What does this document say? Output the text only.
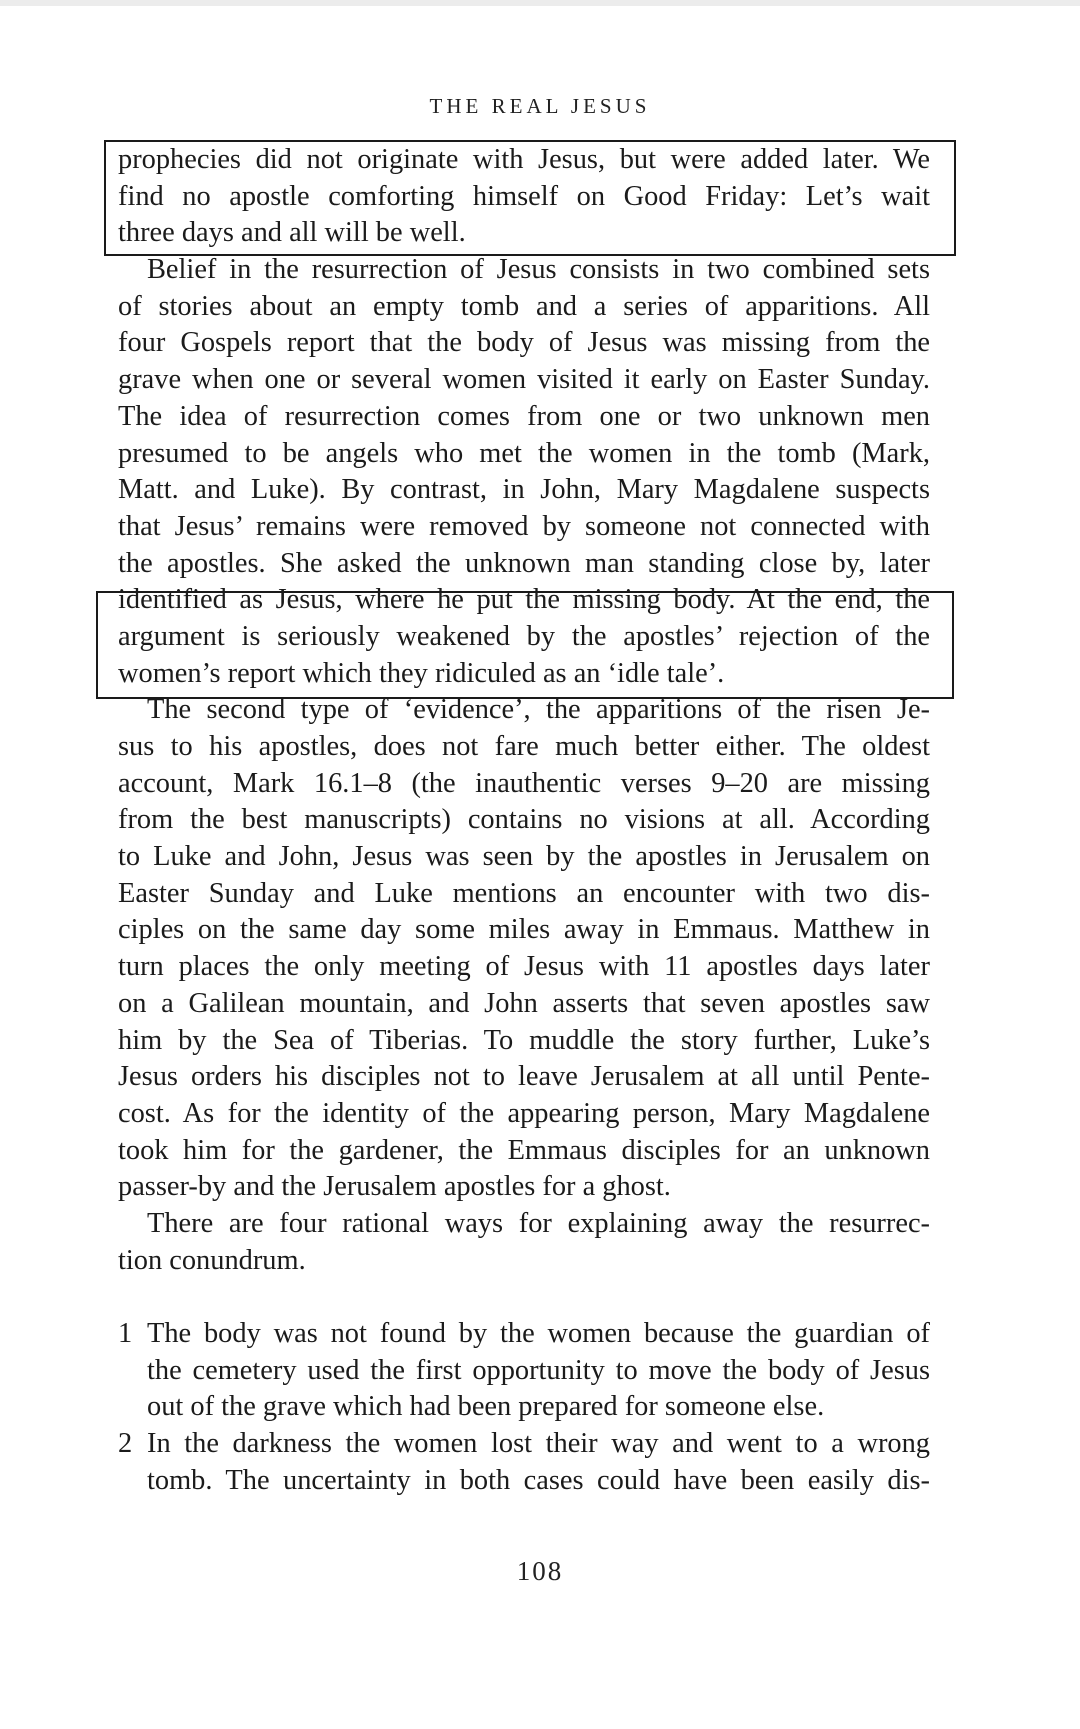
THE REAL JESUS
prophecies did not originate with Jesus, but were added later. We
find no apostle comforting himself on Good Friday: Let’s wait
three days and all will be well.
Belief in the resurrection of Jesus consists in two combined sets
of stories about an empty tomb and a series of apparitions. All
four Gospels report that the body of Jesus was missing from the
grave when one or several women visited it early on Easter Sunday.
The idea of resurrection comes from one or two unknown men
presumed to be angels who met the women in the tomb (Mark,
Matt. and Luke). By contrast, in John, Mary Magdalene suspects
that Jesus’ remains were removed by someone not connected with
the apostles. She asked the unknown man standing close by, later
identified as Jesus, where he put the missing body. At the end, the
argument is seriously weakened by the apostles’ rejection of the
women’s report which they ridiculed as an ‘idle tale’.
The second type of ‘evidence’, the apparitions of the risen Je-
sus to his apostles, does not fare much better either. The oldest
account, Mark 16.1–8 (the inauthentic verses 9–20 are missing
from the best manuscripts) contains no visions at all. According
to Luke and John, Jesus was seen by the apostles in Jerusalem on
Easter Sunday and Luke mentions an encounter with two dis-
ciples on the same day some miles away in Emmaus. Matthew in
turn places the only meeting of Jesus with 11 apostles days later
on a Galilean mountain, and John asserts that seven apostles saw
him by the Sea of Tiberias. To muddle the story further, Luke’s
Jesus orders his disciples not to leave Jerusalem at all until Pente-
cost. As for the identity of the appearing person, Mary Magdalene
took him for the gardener, the Emmaus disciples for an unknown
passer-by and the Jerusalem apostles for a ghost.
There are four rational ways for explaining away the resurrec-
tion conundrum.
1 The body was not found by the women because the guardian of
the cemetery used the first opportunity to move the body of Jesus
out of the grave which had been prepared for someone else.
2 In the darkness the women lost their way and went to a wrong
tomb. The uncertainty in both cases could have been easily dis-
108
